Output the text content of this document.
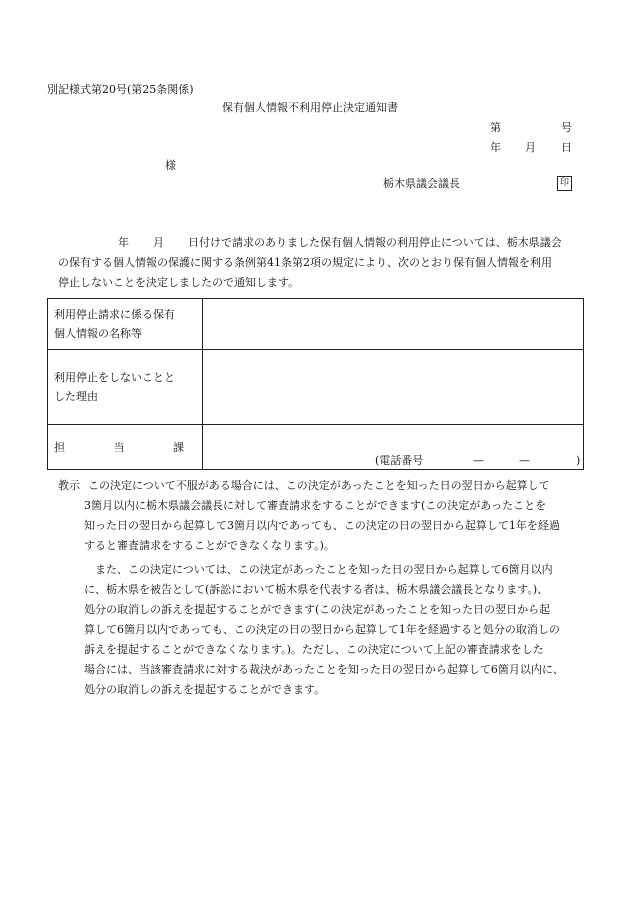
別記様式第20号(第25条関係)
保有個人情報不利用停止決定通知書
第	号
年 月 日
様
栃木県議会議長	印
年 月 日付けで請求のありました保有個人情報の利用停止については、栃木県議会
の保有する個人情報の保護に関する条例第41条第2項の規定により、次のとおり保有個人情報を利用
停止しないことを決定しましたので通知します。
利用停止請求に係る保有
個人情報の名称等	

利用停止をしないことと
した理由	

担 当 課	(電話番号 — — )
教示 この決定について不服がある場合には、この決定があったことを知った日の翌日から起算して
3箇月以内に栃木県議会議長に対して審査請求をすることができます(この決定があったことを
知った日の翌日から起算して3箇月以内であっても、この決定の日の翌日から起算して1年を経過
すると審査請求をすることができなくなります。)。
また、この決定については、この決定があったことを知った日の翌日から起算して6箇月以内
に、栃木県を被告として(訴訟において栃木県を代表する者は、栃木県議会議長となります。)、
処分の取消しの訴えを提起することができます(この決定があったことを知った日の翌日から起
算して6箇月以内であっても、この決定の日の翌日から起算して1年を経過すると処分の取消しの
訴えを提起することができなくなります。)。ただし、この決定について上記の審査請求をした
場合には、当該審査請求に対する裁決があったことを知った日の翌日から起算して6箇月以内に、
処分の取消しの訴えを提起することができます。
